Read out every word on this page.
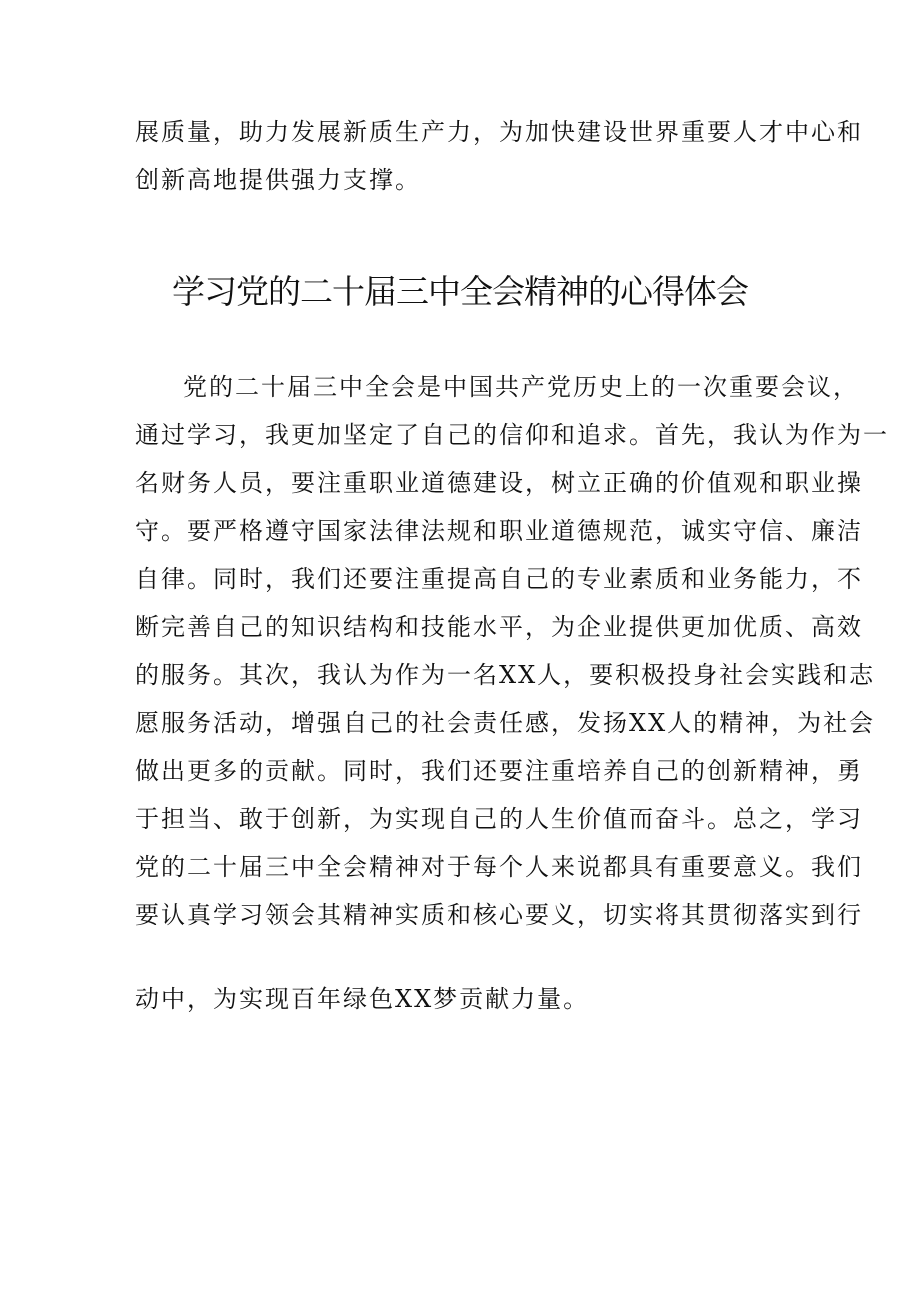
展质量，助力发展新质生产力，为加快建设世界重要人才中心和
创新高地提供强力支撑。
学习党的二十届三中全会精神的心得体会
党的二十届三中全会是中国共产党历史上的一次重要会议，
通过学习，我更加坚定了自己的信仰和追求。首先，我认为作为一
名财务人员，要注重职业道德建设，树立正确的价值观和职业操
守。要严格遵守国家法律法规和职业道德规范，诚实守信、廉洁
自律。同时，我们还要注重提高自己的专业素质和业务能力，不
断完善自己的知识结构和技能水平，为企业提供更加优质、高效
的服务。其次，我认为作为一名XX人，要积极投身社会实践和志
愿服务活动，增强自己的社会责任感，发扬XX人的精神，为社会
做出更多的贡献。同时，我们还要注重培养自己的创新精神，勇
于担当、敢于创新，为实现自己的人生价值而奋斗。总之，学习
党的二十届三中全会精神对于每个人来说都具有重要意义。我们
要认真学习领会其精神实质和核心要义，切实将其贯彻落实到行
动中，为实现百年绿色XX梦贡献力量。
